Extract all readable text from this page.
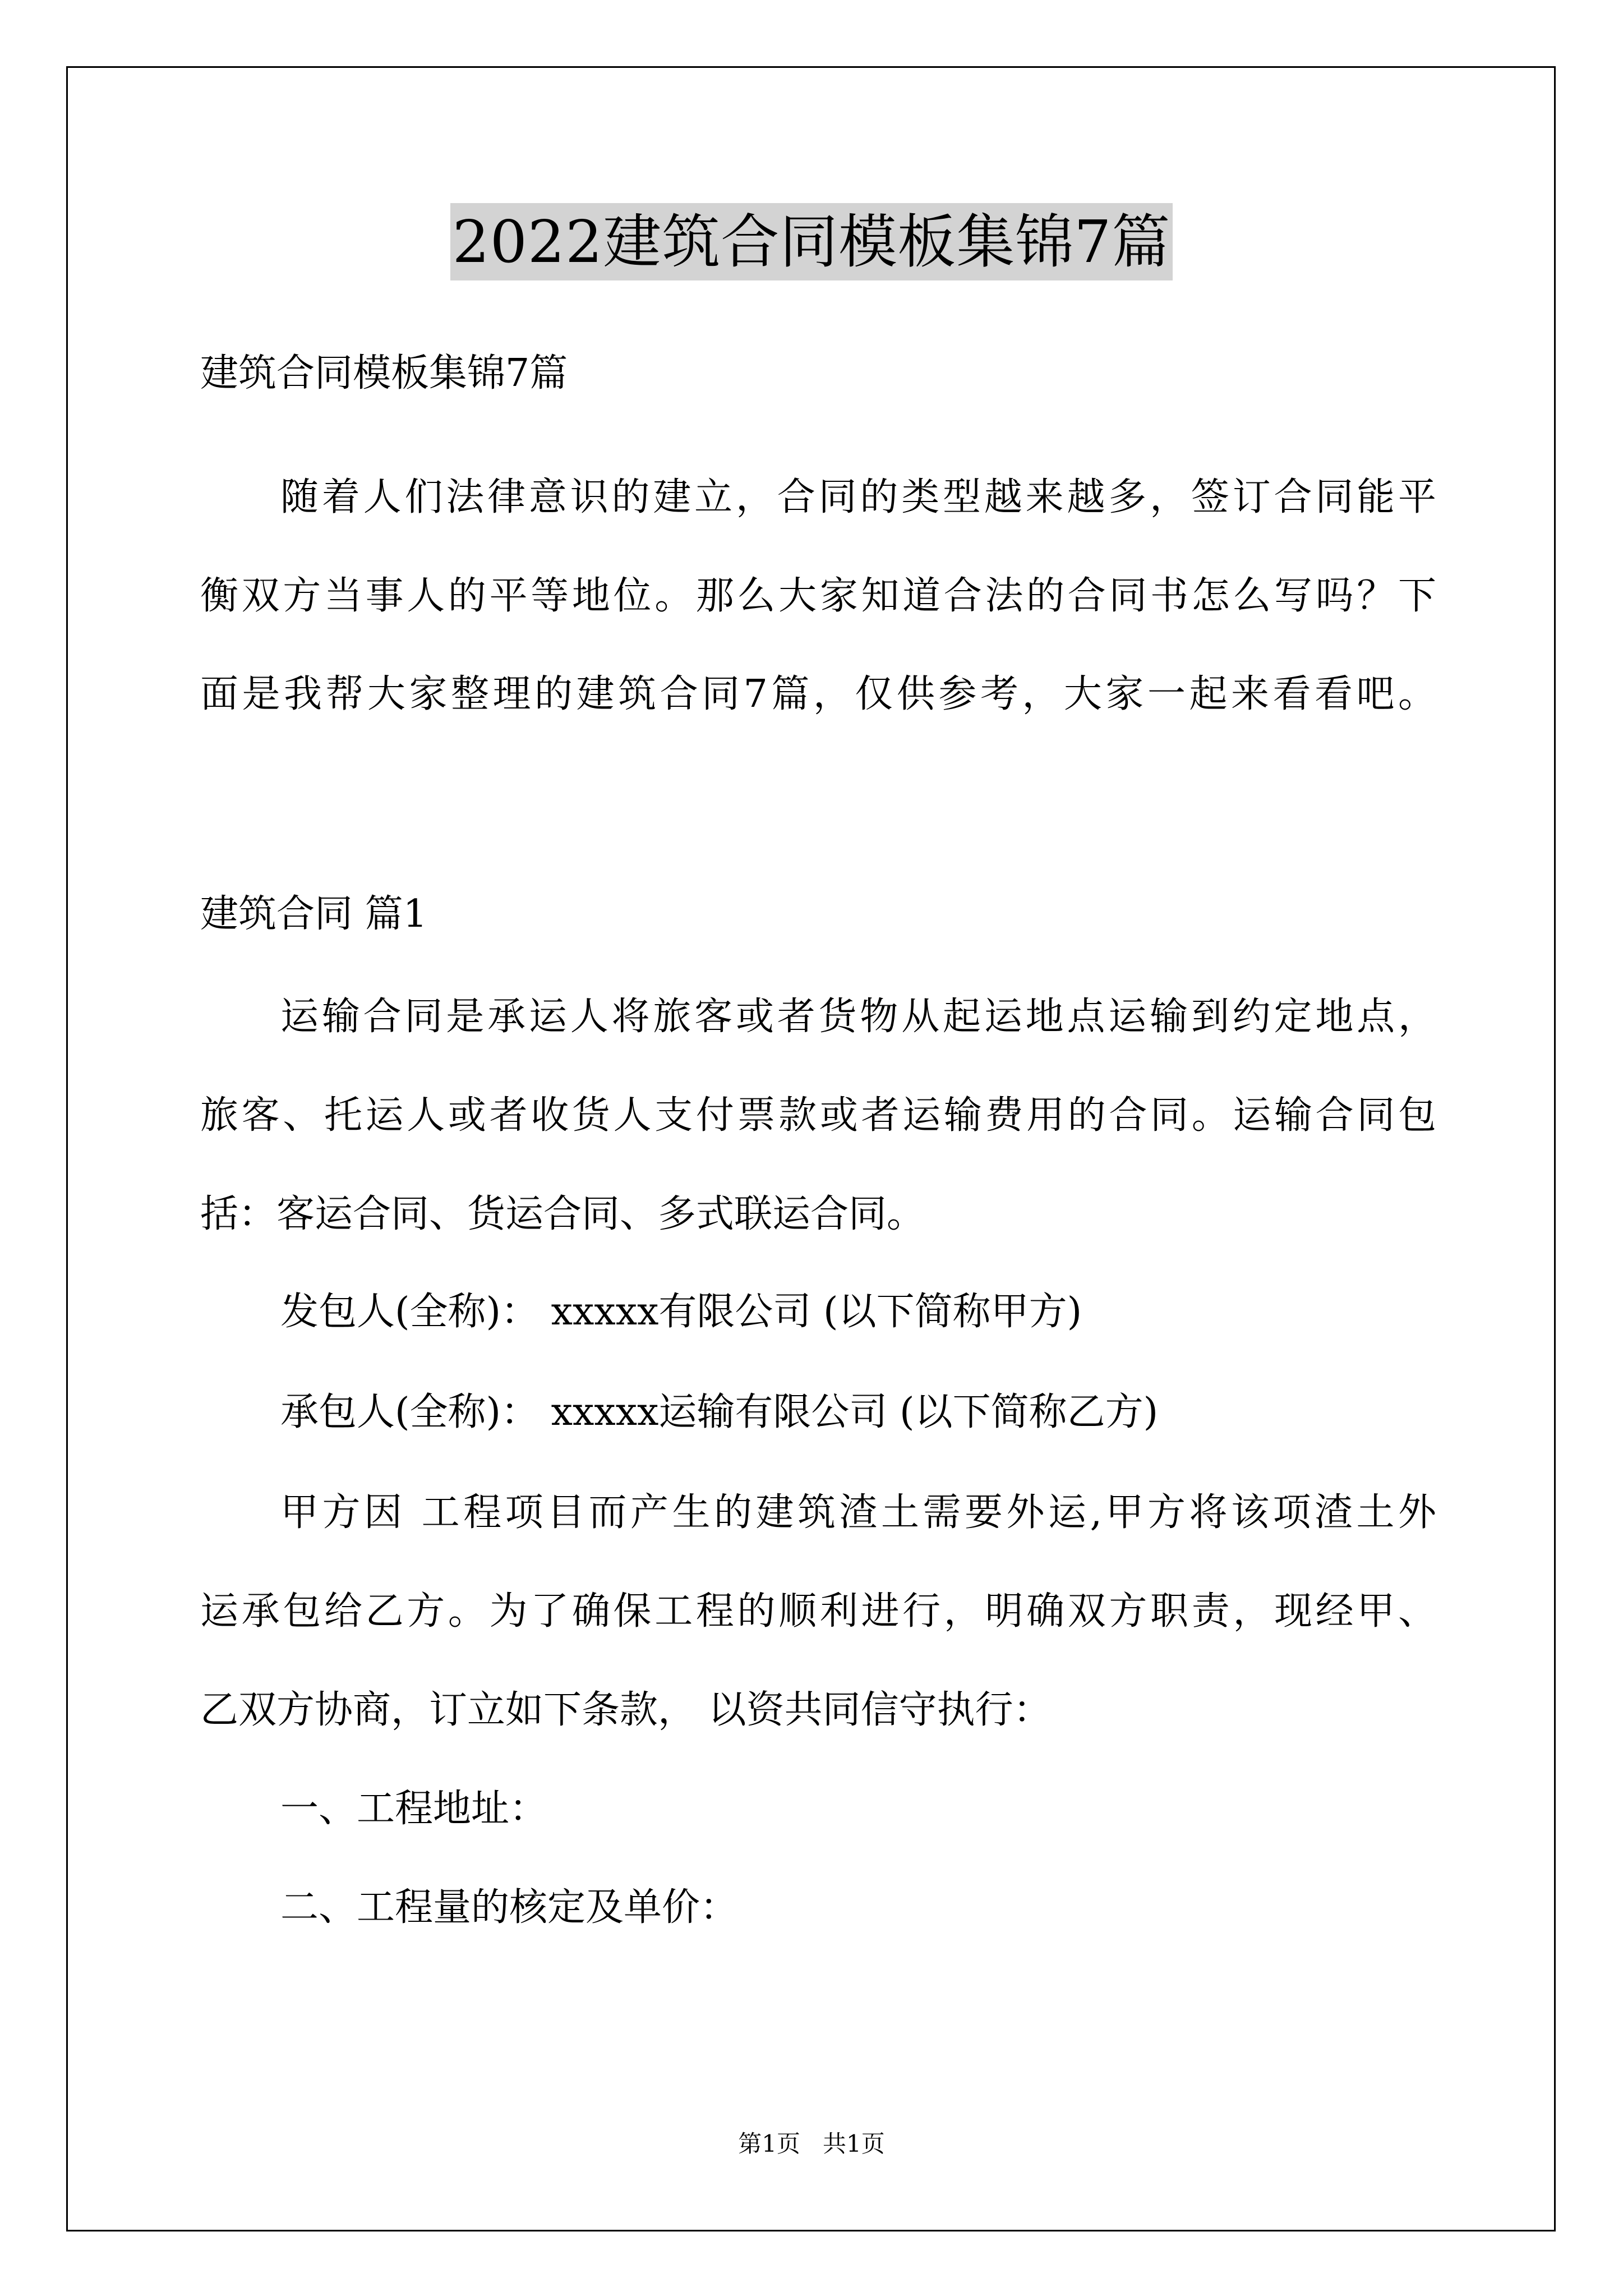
2022建筑合同模板集锦7篇
建筑合同模板集锦7篇
随着人们法律意识的建立，合同的类型越来越多，签订合同能平
衡双方当事人的平等地位。那么大家知道合法的合同书怎么写吗？下
面是我帮大家整理的建筑合同7篇，仅供参考，大家一起来看看吧。
建筑合同 篇1
运输合同是承运人将旅客或者货物从起运地点运输到约定地点，
旅客、托运人或者收货人支付票款或者运输费用的合同。运输合同包
括：客运合同、货运合同、多式联运合同。
发包人(全称)： xxxxx有限公司 (以下简称甲方)
承包人(全称)： xxxxx运输有限公司 (以下简称乙方)
甲方因 工程项目而产生的建筑渣土需要外运,甲方将该项渣土外
运承包给乙方。为了确保工程的顺利进行，明确双方职责，现经甲、
乙双方协商，订立如下条款， 以资共同信守执行：
一、工程地址：
二、工程量的核定及单价：
第1页   共1页
